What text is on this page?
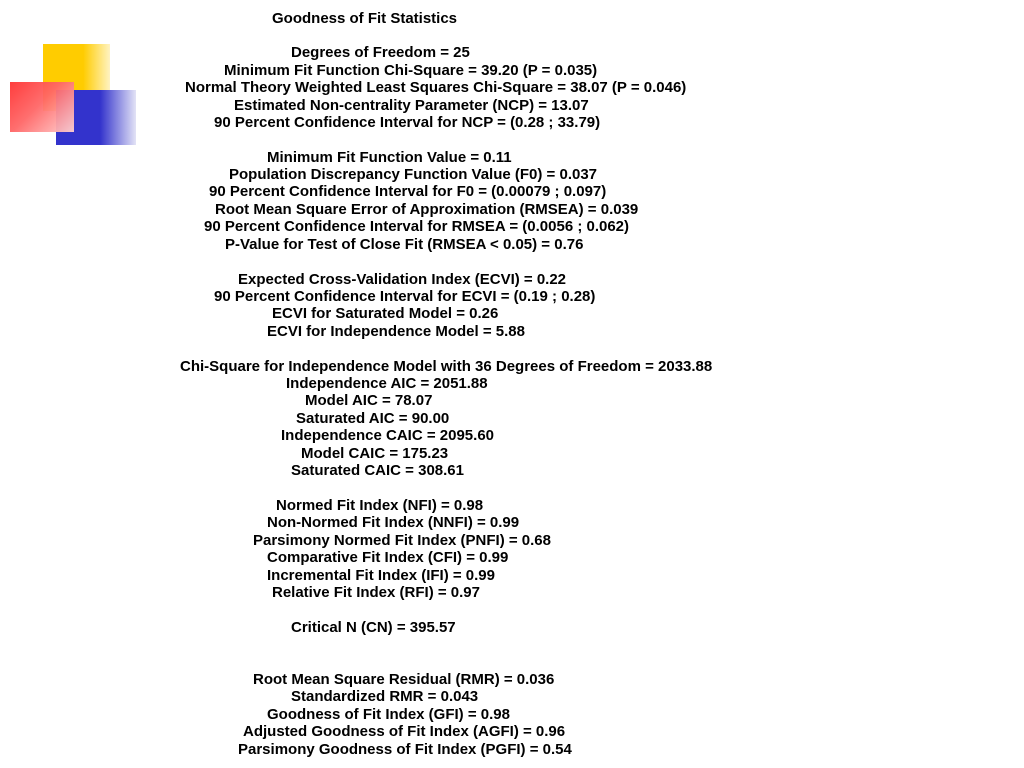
Goodness of Fit Statistics
Degrees of Freedom = 25
Minimum Fit Function Chi-Square = 39.20 (P = 0.035)
Normal Theory Weighted Least Squares Chi-Square = 38.07 (P = 0.046)
Estimated Non-centrality Parameter (NCP) = 13.07
90 Percent Confidence Interval for NCP = (0.28 ; 33.79)
Minimum Fit Function Value = 0.11
Population Discrepancy Function Value (F0) = 0.037
90 Percent Confidence Interval for F0 = (0.00079 ; 0.097)
Root Mean Square Error of Approximation (RMSEA) = 0.039
90 Percent Confidence Interval for RMSEA = (0.0056 ; 0.062)
P-Value for Test of Close Fit (RMSEA < 0.05) = 0.76
Expected Cross-Validation Index (ECVI) = 0.22
90 Percent Confidence Interval for ECVI = (0.19 ; 0.28)
ECVI for Saturated Model = 0.26
ECVI for Independence Model = 5.88
Chi-Square for Independence Model with 36 Degrees of Freedom = 2033.88
Independence AIC = 2051.88
Model AIC = 78.07
Saturated AIC = 90.00
Independence CAIC = 2095.60
Model CAIC = 175.23
Saturated CAIC = 308.61
Normed Fit Index (NFI) = 0.98
Non-Normed Fit Index (NNFI) = 0.99
Parsimony Normed Fit Index (PNFI) = 0.68
Comparative Fit Index (CFI) = 0.99
Incremental Fit Index (IFI) = 0.99
Relative Fit Index (RFI) = 0.97
Critical N (CN) = 395.57
Root Mean Square Residual (RMR) = 0.036
Standardized RMR = 0.043
Goodness of Fit Index (GFI) = 0.98
Adjusted Goodness of Fit Index (AGFI) = 0.96
Parsimony Goodness of Fit Index (PGFI) = 0.54
